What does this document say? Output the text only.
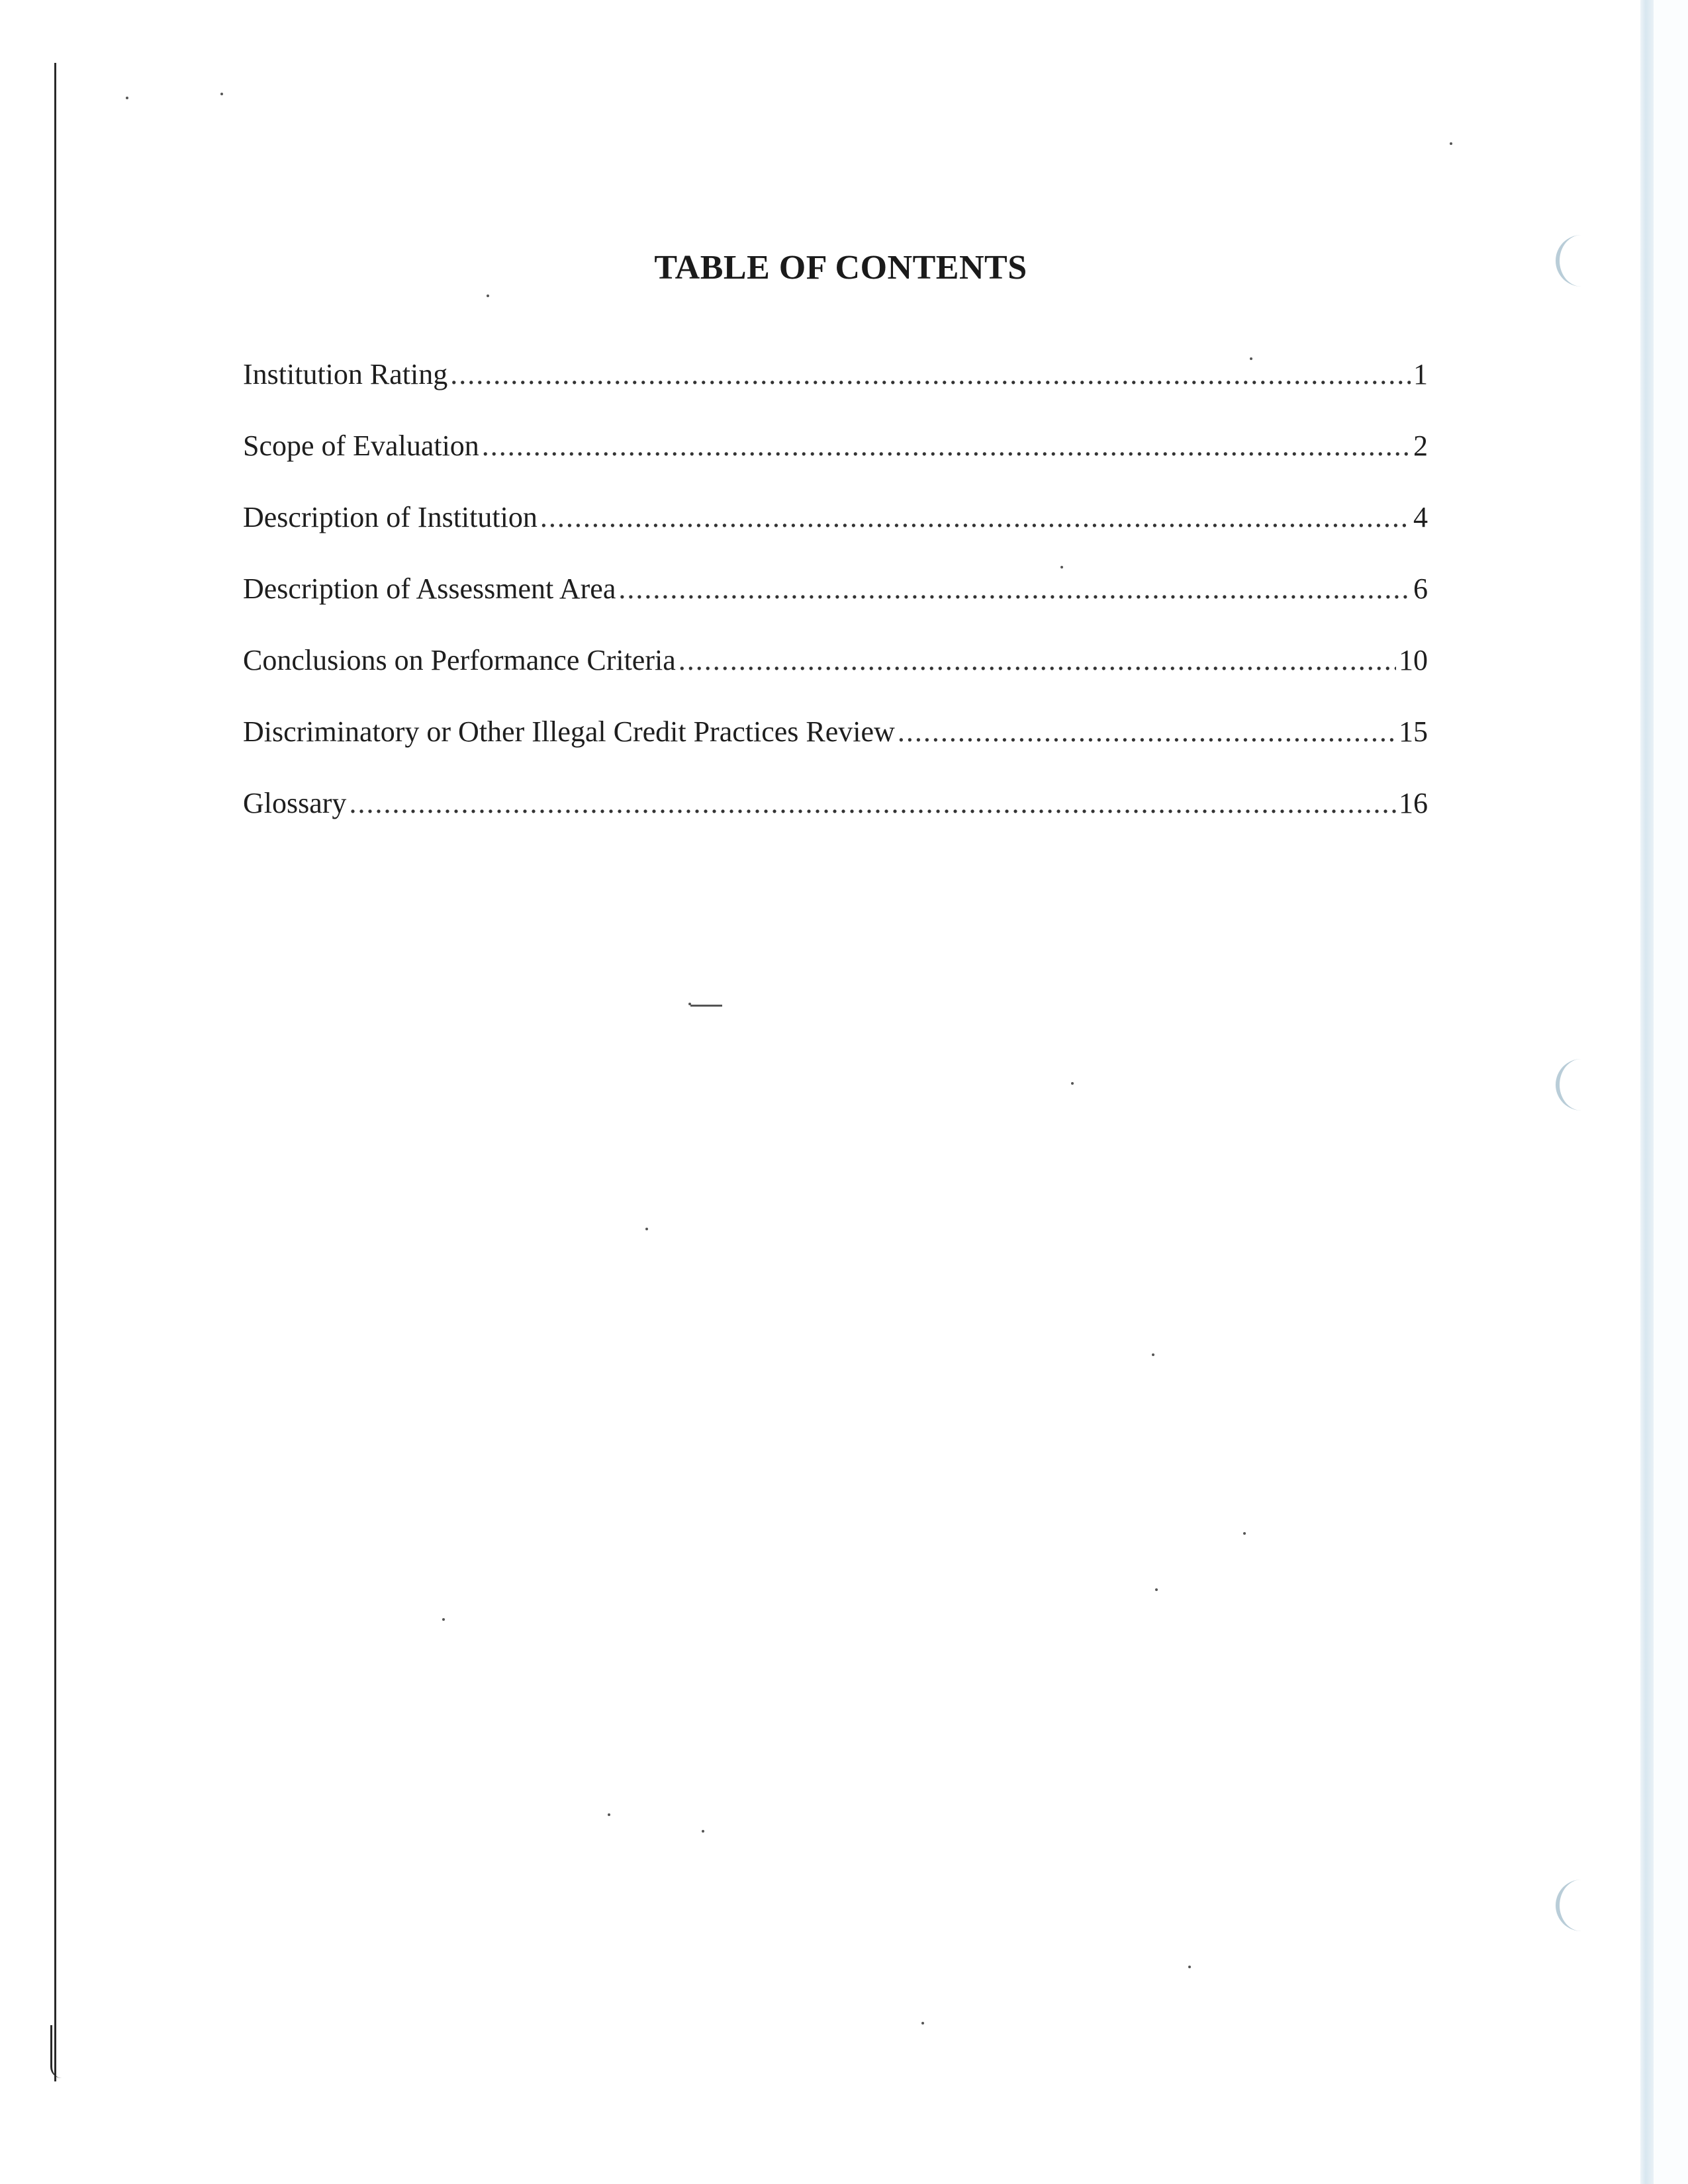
TABLE OF CONTENTS
Institution Rating .....	1
Scope of Evaluation .....	2
Description of Institution .....	4
Description of Assessment Area .....	6
Conclusions on Performance Criteria .....	10
Discriminatory or Other Illegal Credit Practices Review .....	15
Glossary .....	16
